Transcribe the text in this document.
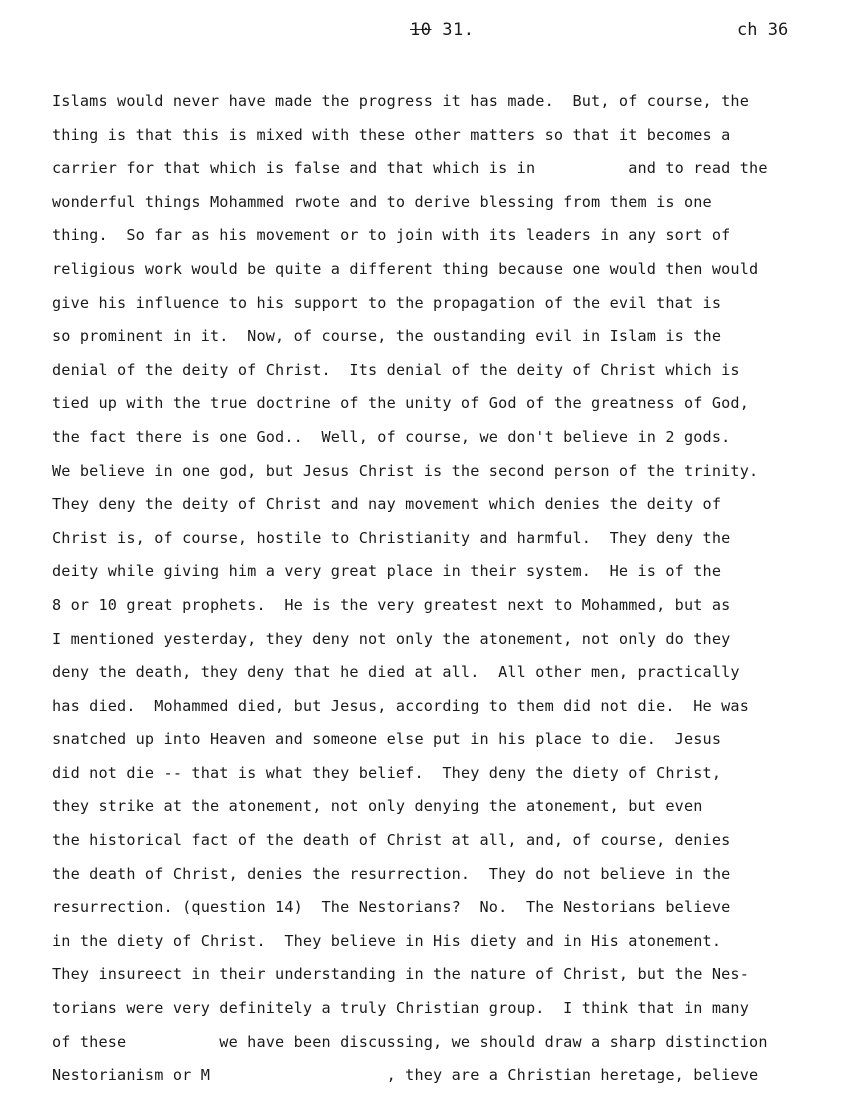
10 31.	ch 36
Islams would never have made the progress it has made.  But, of course, the
thing is that this is mixed with these other matters so that it becomes a
carrier for that which is false and that which is in          and to read the
wonderful things Mohammed rwote and to derive blessing from them is one
thing.  So far as his movement or to join with its leaders in any sort of
religious work would be quite a different thing because one would then would
give his influence to his support to the propagation of the evil that is
so prominent in it.  Now, of course, the oustanding evil in Islam is the
denial of the deity of Christ.  Its denial of the deity of Christ which is
tied up with the true doctrine of the unity of God of the greatness of God,
the fact there is one God..  Well, of course, we don't believe in 2 gods.
We believe in one god, but Jesus Christ is the second person of the trinity.
They deny the deity of Christ and nay movement which denies the deity of
Christ is, of course, hostile to Christianity and harmful.  They deny the
deity while giving him a very great place in their system.  He is of the
8 or 10 great prophets.  He is the very greatest next to Mohammed, but as
I mentioned yesterday, they deny not only the atonement, not only do they
deny the death, they deny that he died at all.  All other men, practically
has died.  Mohammed died, but Jesus, according to them did not die.  He was
snatched up into Heaven and someone else put in his place to die.  Jesus
did not die -- that is what they belief.  They deny the diety of Christ,
they strike at the atonement, not only denying the atonement, but even
the historical fact of the death of Christ at all, and, of course, denies
the death of Christ, denies the resurrection.  They do not believe in the
resurrection. (question 14)  The Nestorians?  No.  The Nestorians believe
in the diety of Christ.  They believe in His diety and in His atonement.
They insureect in their understanding in the nature of Christ, but the Nes-
torians were very definitely a truly Christian group.  I think that in many
of these          we have been discussing, we should draw a sharp distinction
Nestorianism or M                   , they are a Christian heretage, believe
